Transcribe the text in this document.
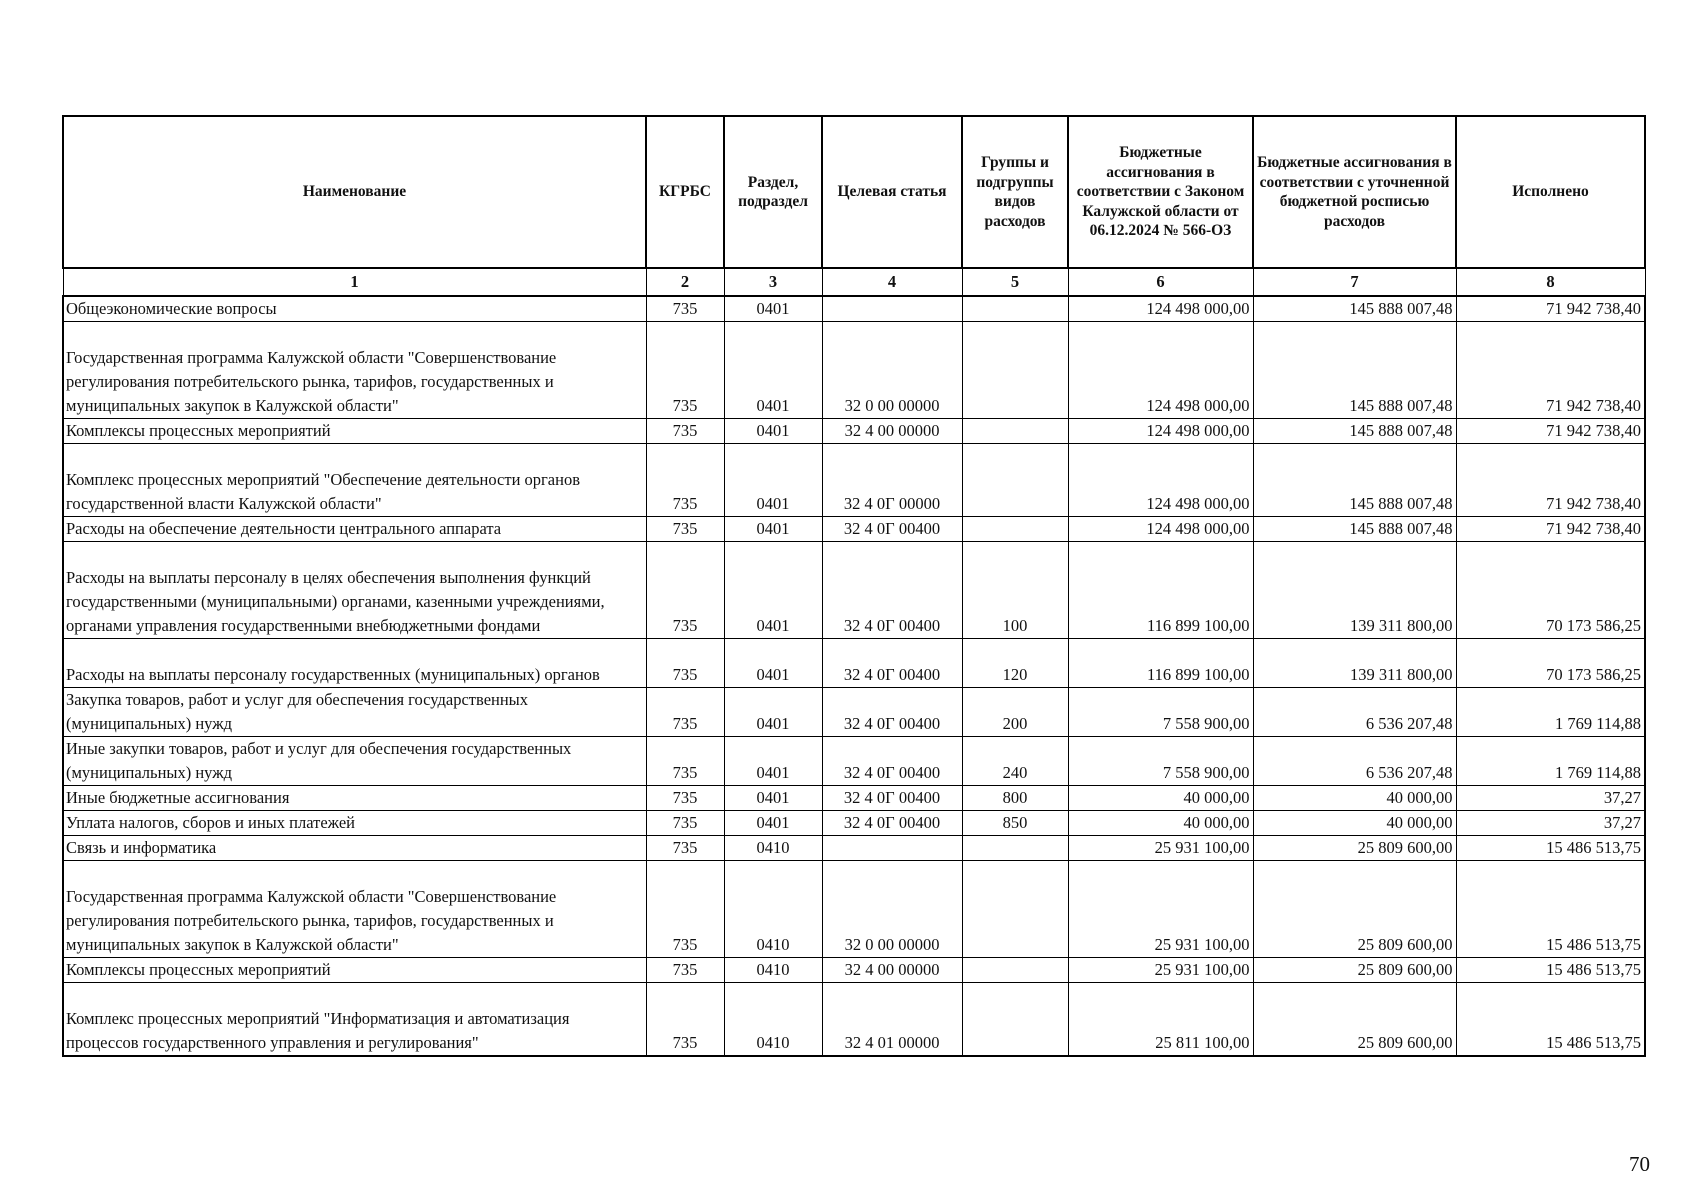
Наименование	КГРБС	Раздел, подраздел	Целевая статья	Группы и подгруппы видов расходов	Бюджетные ассигнования в соответствии с Законом Калужской области от 06.12.2024 № 566-ОЗ	Бюджетные ассигнования в соответствии с уточненной бюджетной росписью расходов	Исполнено
1	2	3	4	5	6	7	8
Общеэкономические вопросы	735	0401			124 498 000,00	145 888 007,48	71 942 738,40
Государственная программа Калужской области "Совершенствование регулирования потребительского рынка, тарифов, государственных и муниципальных закупок в Калужской области"	735	0401	32 0 00 00000		124 498 000,00	145 888 007,48	71 942 738,40
Комплексы процессных мероприятий	735	0401	32 4 00 00000		124 498 000,00	145 888 007,48	71 942 738,40
Комплекс процессных мероприятий "Обеспечение деятельности органов государственной власти Калужской области"	735	0401	32 4 0Г 00000		124 498 000,00	145 888 007,48	71 942 738,40
Расходы на обеспечение деятельности центрального аппарата	735	0401	32 4 0Г 00400		124 498 000,00	145 888 007,48	71 942 738,40
Расходы на выплаты персоналу в целях обеспечения выполнения функций государственными (муниципальными) органами, казенными учреждениями, органами управления государственными внебюджетными фондами	735	0401	32 4 0Г 00400	100	116 899 100,00	139 311 800,00	70 173 586,25
Расходы на выплаты персоналу государственных (муниципальных) органов	735	0401	32 4 0Г 00400	120	116 899 100,00	139 311 800,00	70 173 586,25
Закупка товаров, работ и услуг для обеспечения государственных (муниципальных) нужд	735	0401	32 4 0Г 00400	200	7 558 900,00	6 536 207,48	1 769 114,88
Иные закупки товаров, работ и услуг для обеспечения государственных (муниципальных) нужд	735	0401	32 4 0Г 00400	240	7 558 900,00	6 536 207,48	1 769 114,88
Иные бюджетные ассигнования	735	0401	32 4 0Г 00400	800	40 000,00	40 000,00	37,27
Уплата налогов, сборов и иных платежей	735	0401	32 4 0Г 00400	850	40 000,00	40 000,00	37,27
Связь и информатика	735	0410			25 931 100,00	25 809 600,00	15 486 513,75
Государственная программа Калужской области "Совершенствование регулирования потребительского рынка, тарифов, государственных и муниципальных закупок в Калужской области"	735	0410	32 0 00 00000		25 931 100,00	25 809 600,00	15 486 513,75
Комплексы процессных мероприятий	735	0410	32 4 00 00000		25 931 100,00	25 809 600,00	15 486 513,75
Комплекс процессных мероприятий "Информатизация и автоматизация процессов государственного управления и регулирования"	735	0410	32 4 01 00000		25 811 100,00	25 809 600,00	15 486 513,75
70
